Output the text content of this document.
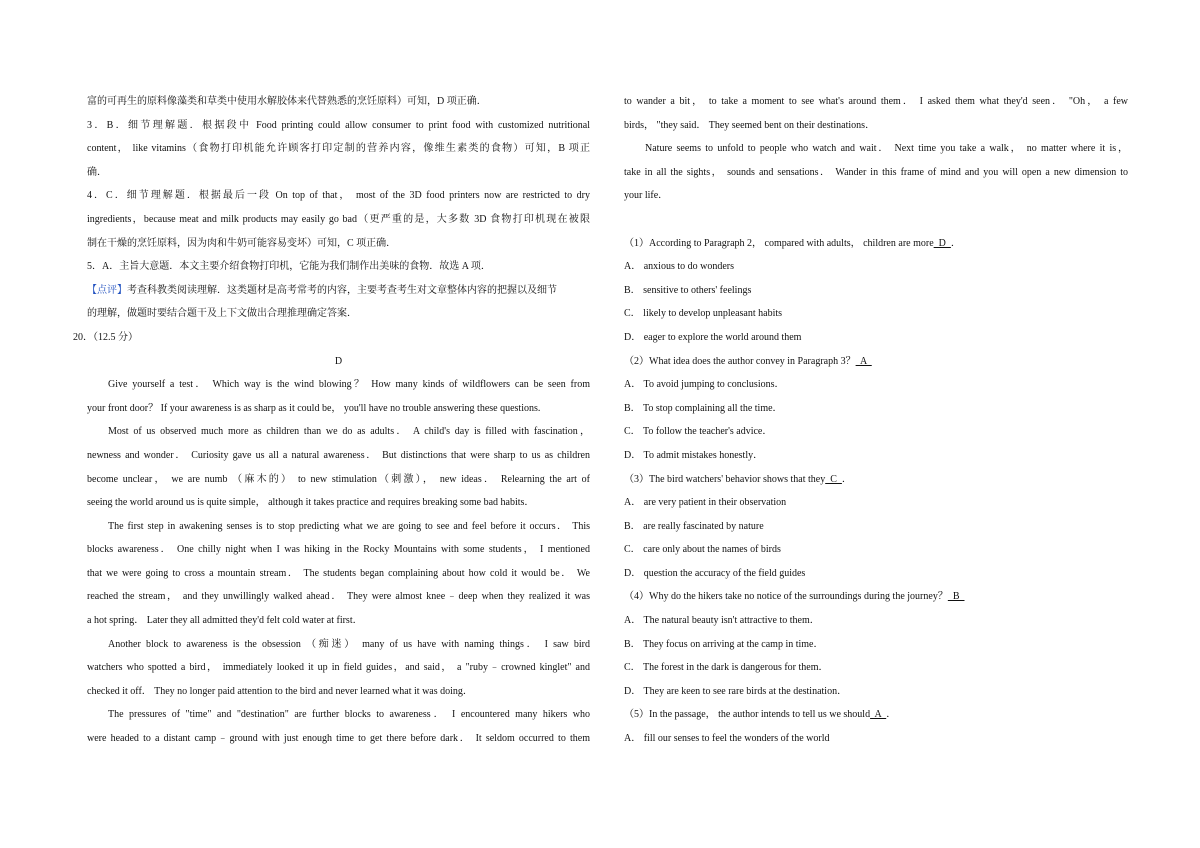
富的可再生的原料像藻类和草类中使用水解胶体来代替熟悉的烹饪原料）可知，D 项正确．
3．B．细节理解题．根据段中 Food printing could allow consumer to print food with customized nutritional
content， like vitamins（食物打印机能允许顾客打印定制的营养内容，像维生素类的食物）可知，B 项正
确．
4．C．细节理解题．根据最后一段 On top of that， most of the 3D food printers now are restricted to dry
ingredients，because meat and milk products may easily go bad（更严重的是，大多数 3D 食物打印机现在被限
制在干燥的烹饪原料，因为肉和牛奶可能容易变坏）可知，C 项正确．
5．A．主旨大意题．本文主要介绍食物打印机，它能为我们制作出美味的食物．故选 A 项．
【点评】考查科教类阅读理解．这类题材是高考常考的内容，主要考查考生对文章整体内容的把握以及细节
的理解，做题时要结合题干及上下文做出合理推理确定答案．
20．（12.5 分）
D
Give yourself a test． Which way is the wind blowing？ How many kinds of wildflowers can be seen from
your front door？ If your awareness is as sharp as it could be， you'll have no trouble answering these questions.
Most of us observed much more as children than we do as adults． A child's day is filled with fascination，
newness and wonder． Curiosity gave us all a natural awareness． But distinctions that were sharp to us as children
become unclear， we are numb （麻木的） to new stimulation（刺激）， new ideas． Relearning the art of
seeing the world around us is quite simple， although it takes practice and requires breaking some bad habits．
The first step in awakening senses is to stop predicting what we are going to see and feel before it occurs． This
blocks awareness． One chilly night when I was hiking in the Rocky Mountains with some students， I mentioned
that we were going to cross a mountain stream． The students began complaining about how cold it would be． We
reached the stream， and they unwillingly walked ahead． They were almost knee﹣deep when they realized it was
a hot spring． Later they all admitted they'd felt cold water at first．
Another block to awareness is the obsession （痴迷） many of us have with naming things． I saw bird
watchers who spotted a bird， immediately looked it up in field guides，and said， a "ruby﹣crowned kinglet" and
checked it off． They no longer paid attention to the bird and never learned what it was doing．
The pressures of "time" and "destination" are further blocks to awareness． I encountered many hikers who
were headed to a distant camp﹣ground with just enough time to get there before dark． It seldom occurred to them
to wander a bit， to take a moment to see what's around them． I asked them what they'd seen． "Oh， a few
birds， "they said． They seemed bent on their destinations．
Nature seems to unfold to people who watch and wait． Next time you take a walk， no matter where it is，
take in all the sights， sounds and sensations． Wander in this frame of mind and you will open a new dimension to
your life．
（1）According to Paragraph 2， compared with adults， children are more  D  ．
A． anxious to do wonders
B． sensitive to others' feelings
C． likely to develop unpleasant habits
D． eager to explore the world around them
（2）What idea does the author convey in Paragraph 3？  A
A． To avoid jumping to conclusions．
B． To stop complaining all the time．
C． To follow the teacher's advice．
D． To admit mistakes honestly．
（3）The bird watchers' behavior shows that they  C  ．
A． are very patient in their observation
B． are really fascinated by nature
C． care only about the names of birds
D． question the accuracy of the field guides
（4）Why do the hikers take no notice of the surroundings during the journey？  B
A． The natural beauty isn't attractive to them．
B． They focus on arriving at the camp in time．
C． The forest in the dark is dangerous for them．
D． They are keen to see rare birds at the destination．
（5）In the passage， the author intends to tell us we should  A  ．
A． fill our senses to feel the wonders of the world
